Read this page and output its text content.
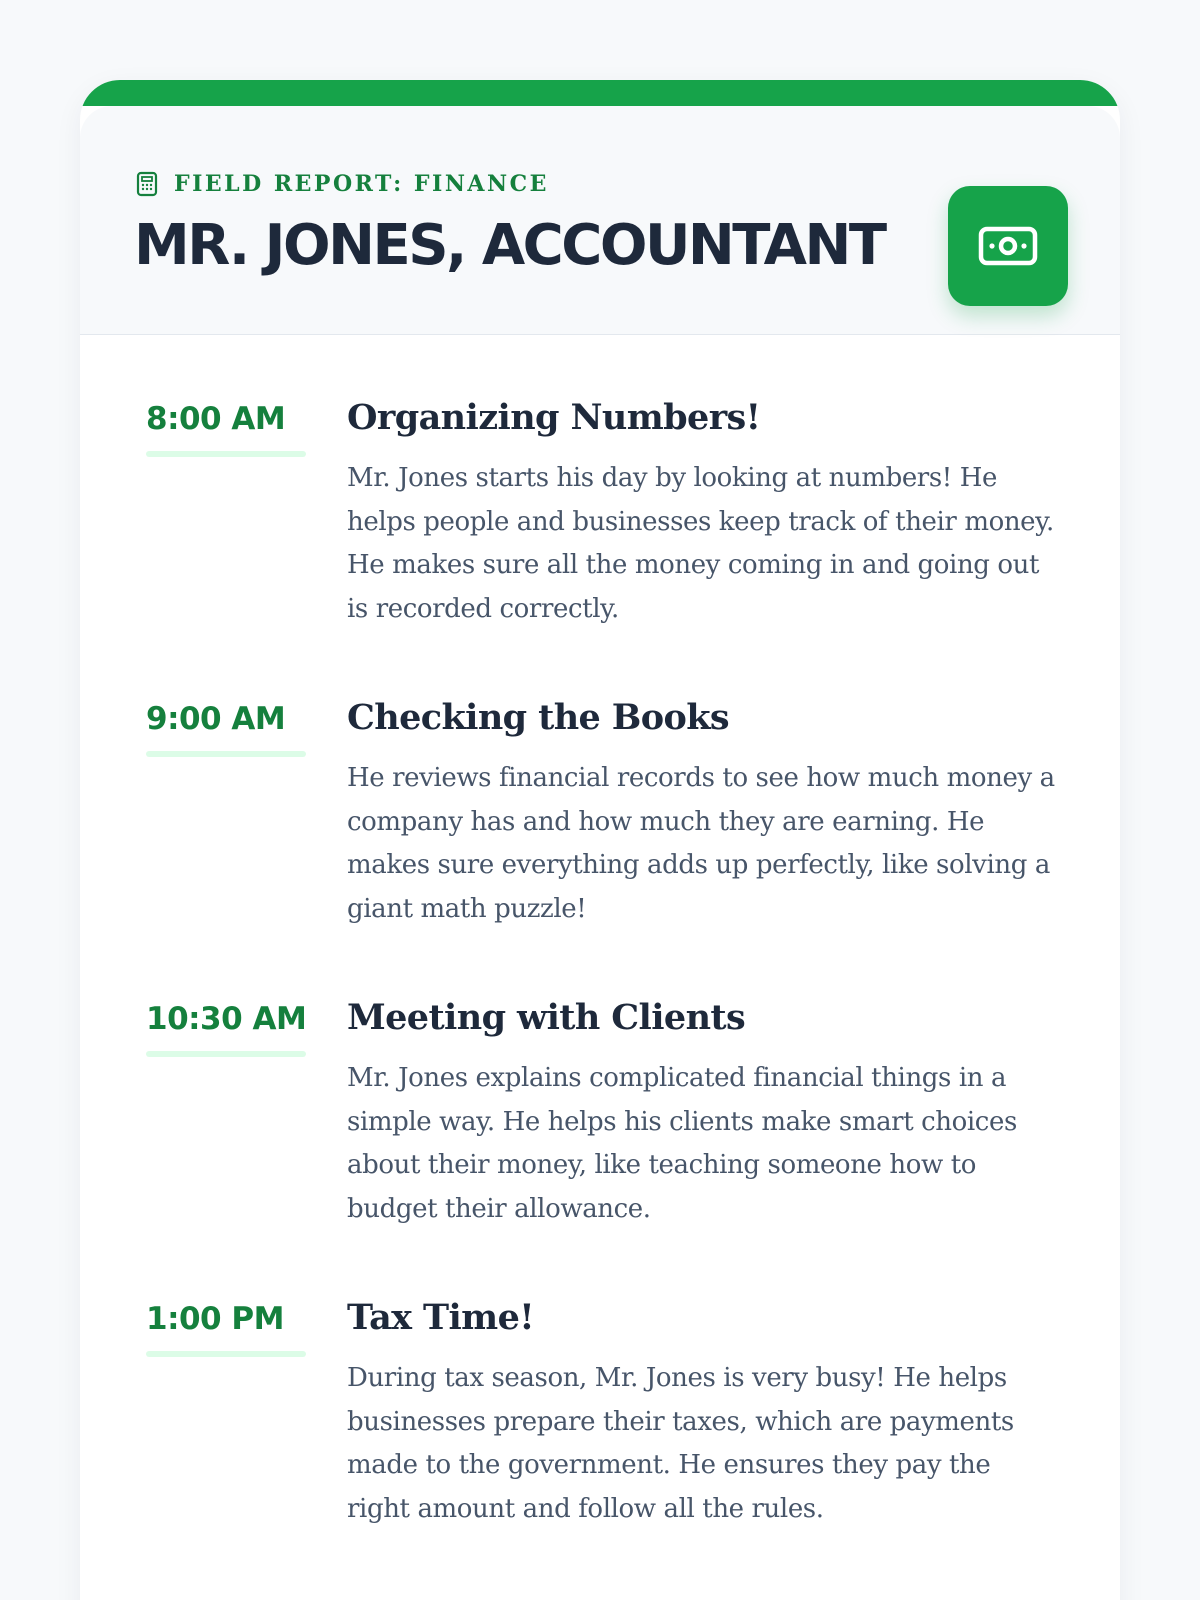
FIELD REPORT: FINANCE
MR. JONES, ACCOUNTANT
8:00 AM	Organizing Numbers!

Mr. Jones starts his day by looking at numbers! He helps people and businesses keep track of their money. He makes sure all the money coming in and going out is recorded correctly.

9:00 AM	Checking the Books

He reviews financial records to see how much money a company has and how much they are earning. He makes sure everything adds up perfectly, like solving a giant math puzzle!

10:30 AM Meeting with Clients

Mr. Jones explains complicated financial things in a simple way. He helps his clients make smart choices about their money, like teaching someone how to budget their allowance.

1:00 PM	Tax Time!

During tax season, Mr. Jones is very busy! He helps businesses prepare their taxes, which are payments made to the government. He ensures they pay the right amount and follow all the rules.
